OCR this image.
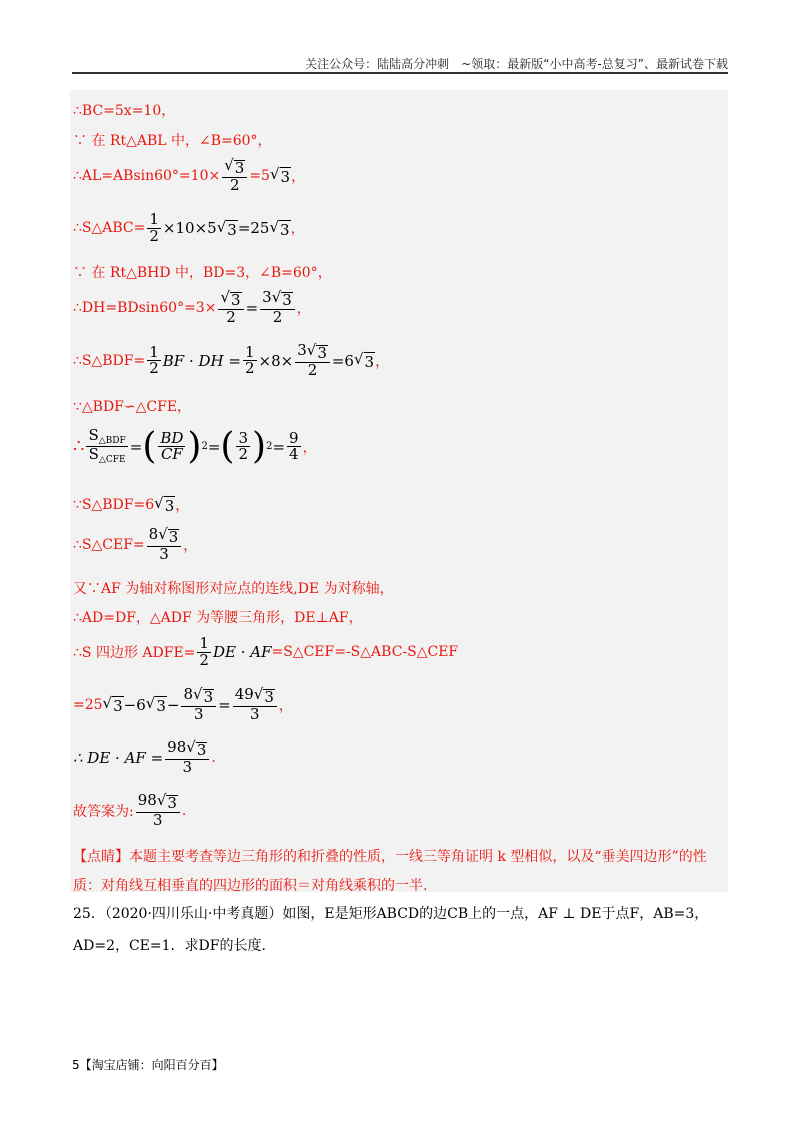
关注公众号：陆陆高分冲刺　~领取：最新版“小中高考-总复习”、最新试卷下载
∴BC=5x=10，
∵ 在 Rt△ABL 中，∠B=60°，
∴AL=ABsin60°=10× $\frac{√ 3}{2} =5$ √ 3 ，
∴S△ABC= $\frac{1}{2} \times 10\times 5$ √ 3 =25 √ 3 ，
∵ 在 Rt△BHD 中，BD=3，∠B=60°，
∴DH=BDsin60°=3× $\frac{√ 3}{2} = \frac{3 √ 3}{2}$ ，
∴S△BDF= $\frac{1}{2}$ BF · DH = $\frac{1}{2} \times 8\times \frac{3 √ 3}{2} =6$ √ 3 ，
∵△BDF∽△CFE，
∴ $\frac{S_{\triangle BDF}}{S_{\triangle CFE}}$ = ( $\frac{BD}{CF}$ ) 2 = ( $\frac{3}{2}$ ) $2 = \frac{9}{4}$ ，
∵S△BDF=6 √ 3 ，
∴S△CEF= $\frac{8 √ 3}{3}$ ，
又∵AF 为轴对称图形对应点的连线,DE 为对称轴，
∴AD=DF，△ADF 为等腰三角形，DE⊥AF，
∴S 四边形 ADFE= $\frac{1}{2}$ DE · AF =S△CEF=-S△ABC-S△CEF
=25 √ 3 −6 √ $3 - \frac{8 √ 3}{3} = \frac{49 √ 3}{3}$ ，
∴ DE · AF = $\frac{98 √ 3}{3}$ .
故答案为: $\frac{98 √ 3}{3}$ .
【点睛】本题主要考查等边三角形的和折叠的性质，一线三等角证明 k 型相似，以及“垂美四边形”的性
质：对角线互相垂直的四边形的面积＝对角线乘积的一半.
25．（2020·四川乐山·中考真题）如图，E是矩形ABCD的边CB上的一点，AF ⊥ DE于点F，AB=3，
AD=2，CE=1．求DF的长度.
5【淘宝店铺：向阳百分百】
